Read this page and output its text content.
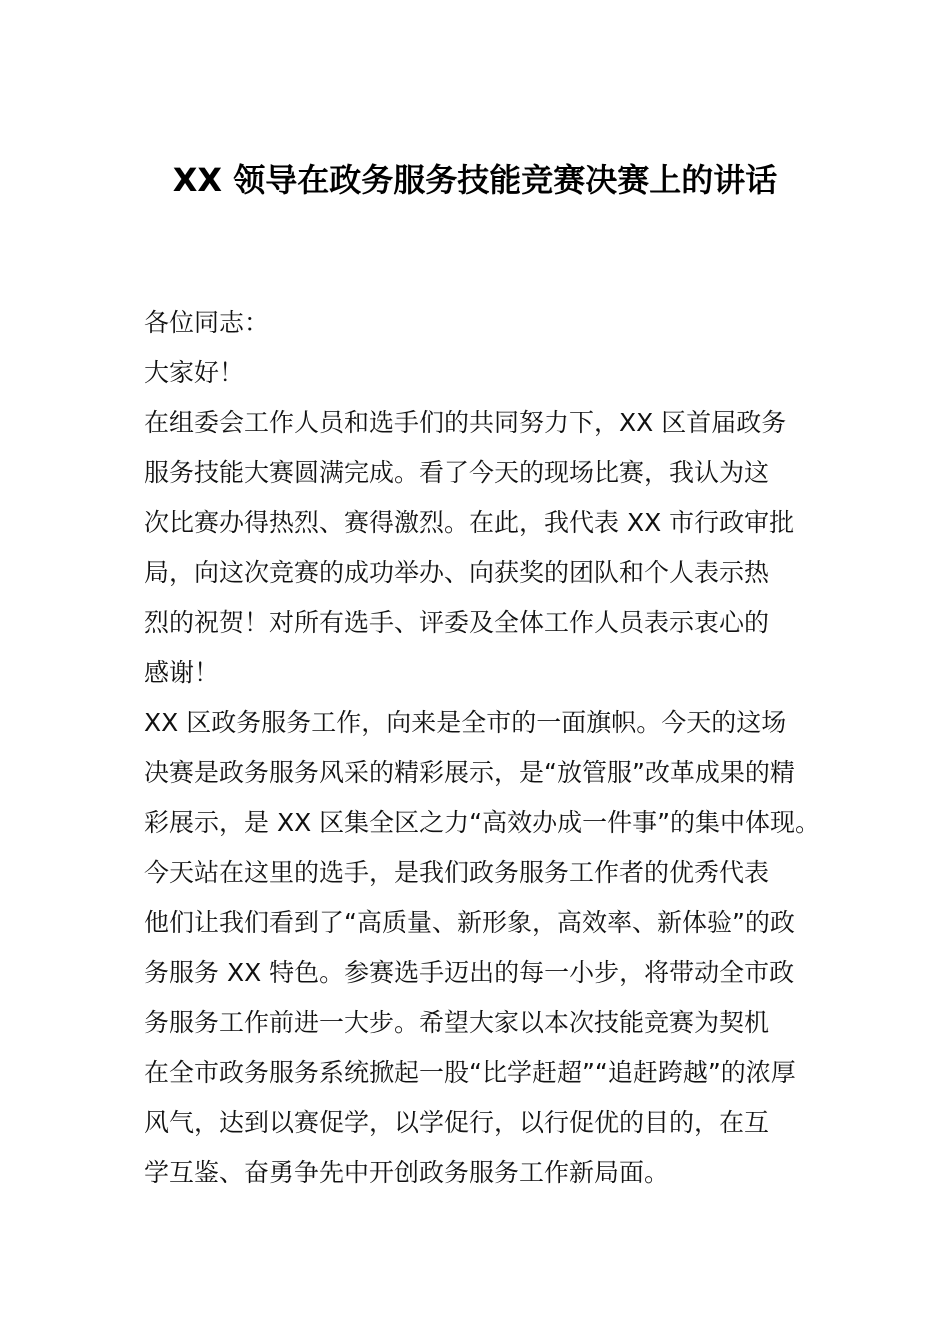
XX 领导在政务服务技能竞赛决赛上的讲话
各位同志：
大家好！
在组委会工作人员和选手们的共同努力下，XX 区首届政务
服务技能大赛圆满完成。看了今天的现场比赛，我认为这
次比赛办得热烈、赛得激烈。在此，我代表 XX 市行政审批
局，向这次竞赛的成功举办、向获奖的团队和个人表示热
烈的祝贺！对所有选手、评委及全体工作人员表示衷心的
感谢！
XX 区政务服务工作，向来是全市的一面旗帜。今天的这场
决赛是政务服务风采的精彩展示，是“放管服”改革成果的精
彩展示，是 XX 区集全区之力“高效办成一件事”的集中体现。
今天站在这里的选手，是我们政务服务工作者的优秀代表
他们让我们看到了“高质量、新形象，高效率、新体验”的政
务服务 XX 特色。参赛选手迈出的每一小步，将带动全市政
务服务工作前进一大步。希望大家以本次技能竞赛为契机
在全市政务服务系统掀起一股“比学赶超”“追赶跨越”的浓厚
风气，达到以赛促学，以学促行，以行促优的目的，在互
学互鉴、奋勇争先中开创政务服务工作新局面。
